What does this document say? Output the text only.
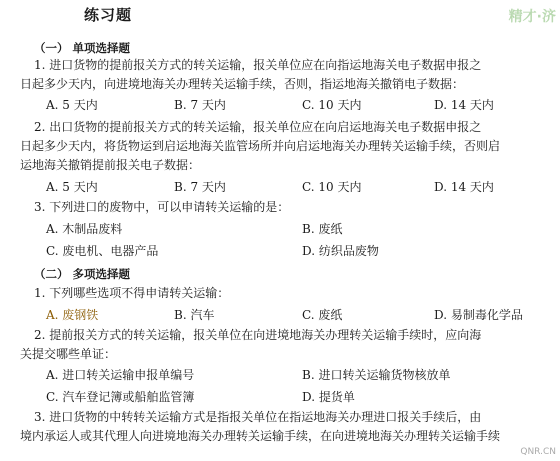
练习题	精才·济
（一） 单项选择题
1. 进口货物的提前报关方式的转关运输，报关单位应在向指运地海关电子数据申报之
日起多少天内，向进境地海关办理转关运输手续，否则，指运地海关撤销电子数据：
A. 5 天内	B. 7 天内	C. 10 天内	D. 14 天内
2. 出口货物的提前报关方式的转关运输，报关单位应在向启运地海关电子数据申报之
日起多少天内，将货物运到启运地海关监管场所并向启运地海关办理转关运输手续，否则启
运地海关撤销提前报关电子数据：
A. 5 天内	B. 7 天内	C. 10 天内	D. 14 天内
3. 下列进口的废物中，可以申请转关运输的是：
A. 木制品废料	B. 废纸
C. 废电机、电器产品	D. 纺织品废物
（二） 多项选择题
1. 下列哪些选项不得申请转关运输：
A. 废钢铁	B. 汽车	C. 废纸	D. 易制毒化学品
2. 提前报关方式的转关运输，报关单位在向进境地海关办理转关运输手续时，应向海
关提交哪些单证：
A. 进口转关运输申报单编号	B. 进口转关运输货物核放单
C. 汽车登记簿或船舶监管簿	D. 提货单
3. 进口货物的中转转关运输方式是指报关单位在指运地海关办理进口报关手续后，由
境内承运人或其代理人向进境地海关办理转关运输手续，在向进境地海关办理转关运输手续
QNR.CN
